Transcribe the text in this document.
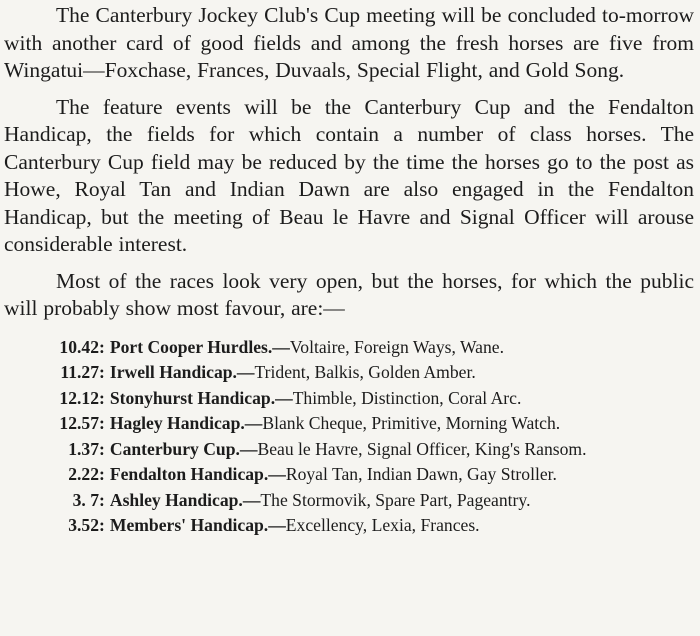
The Canterbury Jockey Club's Cup meeting will be concluded to-morrow with another card of good fields and among the fresh horses are five from Wingatui—Foxchase, Frances, Duvaals, Special Flight, and Gold Song.

The feature events will be the Canterbury Cup and the Fendalton Handicap, the fields for which contain a number of class horses. The Canterbury Cup field may be reduced by the time the horses go to the post as Howe, Royal Tan and Indian Dawn are also engaged in the Fendalton Handicap, but the meeting of Beau le Havre and Signal Officer will arouse considerable interest.

Most of the races look very open, but the horses, for which the public will probably show most favour, are:—

10.42 : Port Cooper Hurdles.—Voltaire, Foreign Ways, Wane.
11.27 : Irwell Handicap.—Trident, Balkis, Golden Amber.
12.12 : Stonyhurst Handicap.—Thimble, Distinction, Coral Arc.
12.57 : Hagley Handicap.—Blank Cheque, Primitive, Morning Watch.
1.37 : Canterbury Cup.—Beau le Havre, Signal Officer, King's Ransom.
2.22 : Fendalton Handicap.—Royal Tan, Indian Dawn, Gay Stroller.
3. 7 : Ashley Handicap.—The Stormovik, Spare Part, Pageantry.
3.52 : Members' Handicap.—Excellency, Lexia, Frances.
